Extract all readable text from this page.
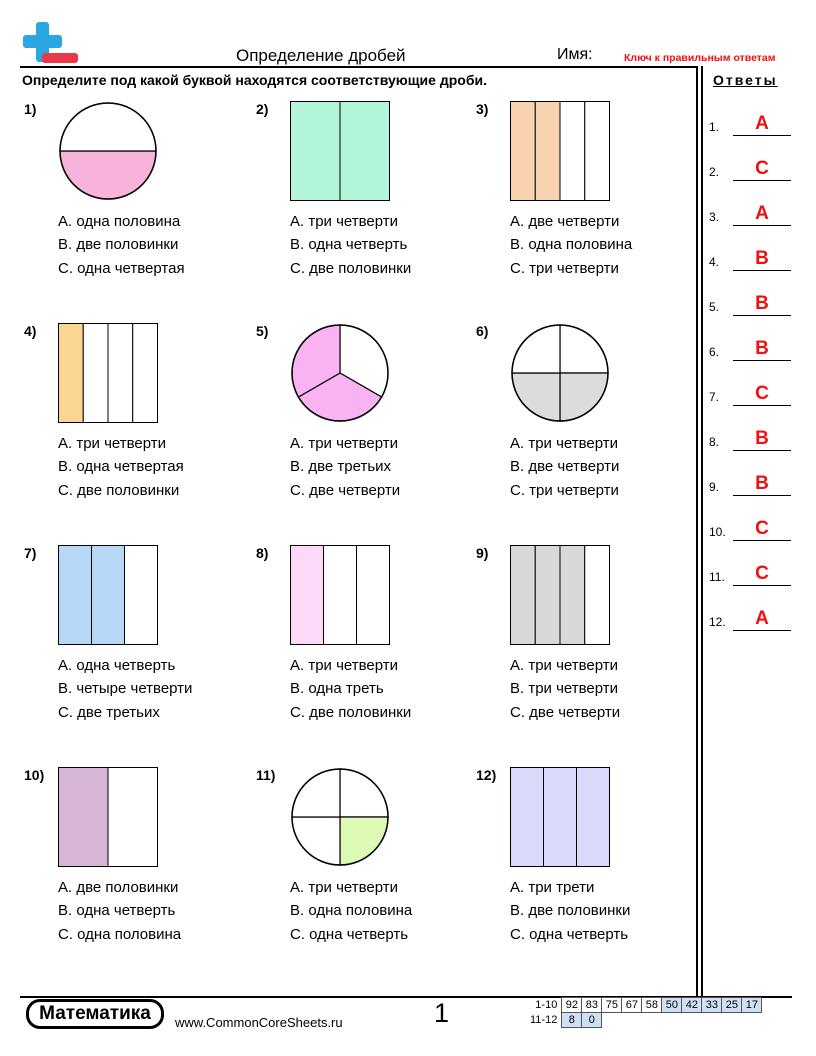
Определение дробей	Имя:	Ключ к правильным ответам
Определите под какой буквой находятся соответствующие дроби.	Ответы
1.	A
2.	C
3.	A
4.	B
5.	B
6.	B
7.	C
8.	B
9.	B
10.	C
11.	C
12.	A
1)
A. одна половина
B. две половинки
C. одна четвертая
2)
A. три четверти
B. одна четверть
C. две половинки
3)
A. две четверти
B. одна половина
C. три четверти
4)
A. три четверти
B. одна четвертая
C. две половинки
5)
A. три четверти
B. две третьих
C. две четверти
6)
A. три четверти
B. две четверти
C. три четверти
7)
A. одна четверть
B. четыре четверти
C. две третьих
8)
A. три четверти
B. одна треть
C. две половинки
9)
A. три четверти
B. три четверти
C. две четверти
10)
A. две половинки
B. одна четверть
C. одна половина
11)
A. три четверти
B. одна половина
C. одна четверть
12)
A. три трети
B. две половинки
C. одна четверть
Математика	www.CommonCoreSheets.ru	1	1-10	92	83	75	67	58	50	42	33	25	17
11-12	8	0								
